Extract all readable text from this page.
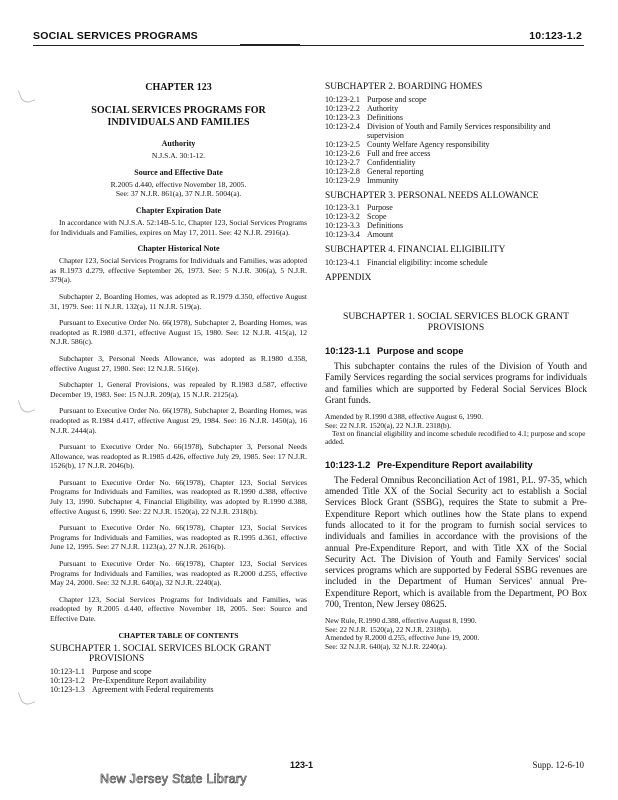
SOCIAL SERVICES PROGRAMS	10:123-1.2
CHAPTER 123
SOCIAL SERVICES PROGRAMS FOR
INDIVIDUALS AND FAMILIES
Authority
N.J.S.A. 30:1-12.
Source and Effective Date
R.2005 d.440, effective November 18, 2005.
See: 37 N.J.R. 861(a), 37 N.J.R. 5004(a).
Chapter Expiration Date

In accordance with N.J.S.A. 52:14B-5.1c, Chapter 123, Social Services Programs for Individuals and Families, expires on May 17, 2011. See: 42 N.J.R. 2916(a).

Chapter Historical Note

Chapter 123, Social Services Programs for Individuals and Families, was adopted as R.1973 d.279, effective September 26, 1973. See: 5 N.J.R. 306(a), 5 N.J.R. 379(a).

Subchapter 2, Boarding Homes, was adopted as R.1979 d.350, effective August 31, 1979. See: 11 N.J.R. 132(a), 11 N.J.R. 519(a).

Pursuant to Executive Order No. 66(1978), Subchapter 2, Boarding Homes, was readopted as R.1980 d.371, effective August 15, 1980. See: 12 N.J.R. 415(a), 12 N.J.R. 586(c).

Subchapter 3, Personal Needs Allowance, was adopted as R.1980 d.358, effective August 27, 1980. See: 12 N.J.R. 516(e).

Subchapter 1, General Provisions, was repealed by R.1983 d.587, effective December 19, 1983. See: 15 N.J.R. 209(a), 15 N.J.R. 2125(a).

Pursuant to Executive Order No. 66(1978), Subchapter 2, Boarding Homes, was readopted as R.1984 d.417, effective August 29, 1984. See: 16 N.J.R. 1450(a), 16 N.J.R. 2444(a).

Pursuant to Executive Order No. 66(1978), Subchapter 3, Personal Needs Allowance, was readopted as R.1985 d.426, effective July 29, 1985. See: 17 N.J.R. 1526(b), 17 N.J.R. 2046(b).

Pursuant to Executive Order No. 66(1978), Chapter 123, Social Services Programs for Individuals and Families, was readopted as R.1990 d.388, effective July 13, 1990. Subchapter 4, Financial Eligibility, was adopted by R.1990 d.388, effective August 6, 1990. See: 22 N.J.R. 1520(a), 22 N.J.R. 2318(b).

Pursuant to Executive Order No. 66(1978), Chapter 123, Social Services Programs for Individuals and Families, was readopted as R.1995 d.361, effective June 12, 1995. See: 27 N.J.R. 1123(a), 27 N.J.R. 2616(b).

Pursuant to Executive Order No. 66(1978), Chapter 123, Social Services Programs for Individuals and Families, was readopted as R.2000 d.255, effective May 24, 2000. See: 32 N.J.R. 640(a), 32 N.J.R. 2240(a).

Chapter 123, Social Services Programs for Individuals and Families, was readopted by R.2005 d.440, effective November 18, 2005. See: Source and Effective Date.

CHAPTER TABLE OF CONTENTS
SUBCHAPTER 1. SOCIAL SERVICES BLOCK GRANT
PROVISIONS
10:123-1.1 Purpose and scope
10:123-1.2 Pre-Expenditure Report availability
10:123-1.3 Agreement with Federal requirements
SUBCHAPTER 2. BOARDING HOMES
10:123-2.1 Purpose and scope
10:123-2.2 Authority
10:123-2.3 Definitions
10:123-2.4 Division of Youth and Family Services responsibility and supervision
10:123-2.5 County Welfare Agency responsibility
10:123-2.6 Full and free access
10:123-2.7 Confidentiality
10:123-2.8 General reporting
10:123-2.9 Immunity
SUBCHAPTER 3. PERSONAL NEEDS ALLOWANCE
10:123-3.1 Purpose
10:123-3.2 Scope
10:123-3.3 Definitions
10:123-3.4 Amount
SUBCHAPTER 4. FINANCIAL ELIGIBILITY
10:123-4.1 Financial eligibility: income schedule
APPENDIX
SUBCHAPTER 1. SOCIAL SERVICES BLOCK GRANT
PROVISIONS
10:123-1.1 Purpose and scope

This subchapter contains the rules of the Division of Youth and Family Services regarding the social services programs for individuals and families which are supported by Federal Social Services Block Grant funds.

Amended by R.1990 d.388, effective August 6, 1990.
See: 22 N.J.R. 1520(a), 22 N.J.R. 2318(b).
Text on financial eligibility and income schedule recodified to 4.1; purpose and scope added.
10:123-1.2 Pre-Expenditure Report availability

The Federal Omnibus Reconciliation Act of 1981, P.L. 97-35, which amended Title XX of the Social Security act to establish a Social Services Block Grant (SSBG), requires the State to submit a Pre-Expenditure Report which outlines how the State plans to expend funds allocated to it for the program to furnish social services to individuals and families in accordance with the provisions of the annual Pre-Expenditure Report, and with Title XX of the Social Security Act. The Division of Youth and Family Services' social services programs which are supported by Federal SSBG revenues are included in the Department of Human Services' annual Pre-Expenditure Report, which is available from the Department, PO Box 700, Trenton, New Jersey 08625.

New Rule, R.1990 d.388, effective August 8, 1990.
See: 22 N.J.R. 1520(a), 22 N.J.R. 2318(b).
Amended by R.2000 d.255, effective June 19, 2000.
See: 32 N.J.R. 640(a), 32 N.J.R. 2240(a).
123-1	Supp. 12-6-10
New Jersey State Library
